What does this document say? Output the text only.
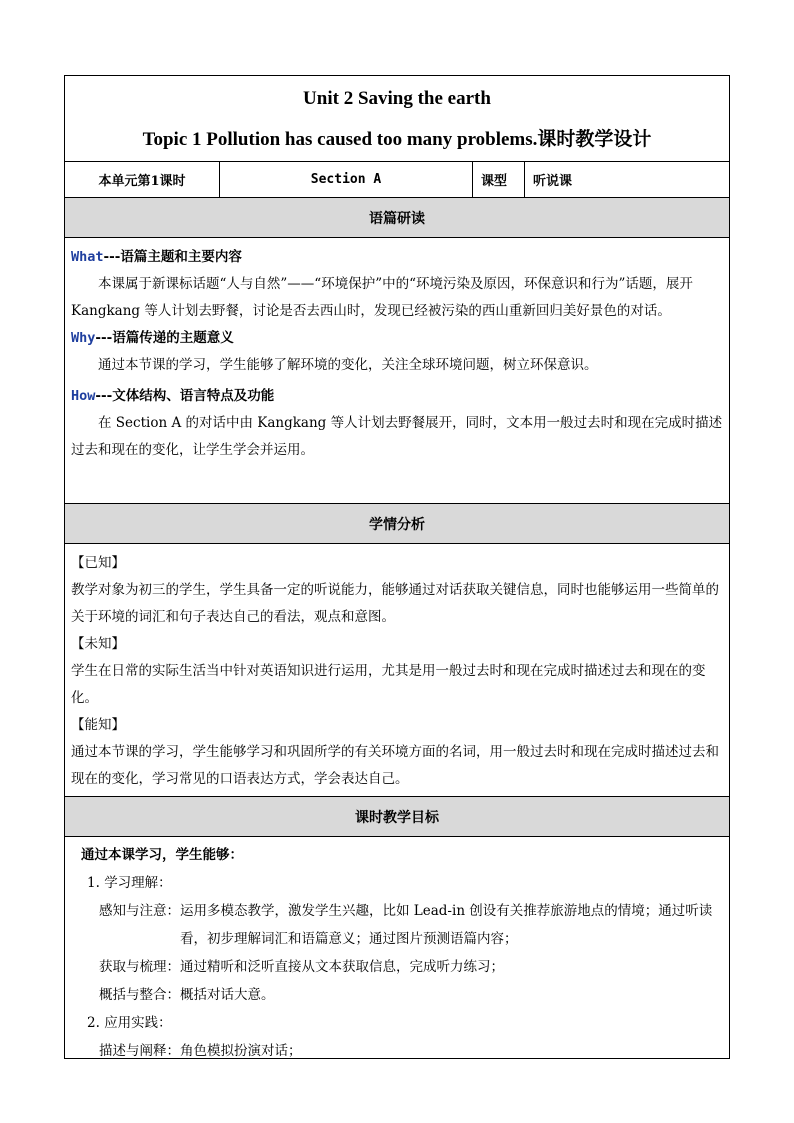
Unit 2 Saving the earth
Topic 1 Pollution has caused too many problems.课时教学设计
本单元第1课时	Section A	课型	听说课
语篇研读

What---语篇主题和主要内容

本课属于新课标话题“人与自然”——“环境保护”中的“环境污染及原因，环保意识和行为”话题，展开 Kangkang 等人计划去野餐，讨论是否去西山时，发现已经被污染的西山重新回归美好景色的对话。

Why---语篇传递的主题意义

通过本节课的学习，学生能够了解环境的变化，关注全球环境问题，树立环保意识。

How---文体结构、语言特点及功能

在 Section A 的对话中由 Kangkang 等人计划去野餐展开，同时，文本用一般过去时和现在完成时描述过去和现在的变化，让学生学会并运用。

学情分析

【已知】

教学对象为初三的学生，学生具备一定的听说能力，能够通过对话获取关键信息，同时也能够运用一些简单的关于环境的词汇和句子表达自己的看法，观点和意图。

【未知】

学生在日常的实际生活当中针对英语知识进行运用，尤其是用一般过去时和现在完成时描述过去和现在的变化。

【能知】

通过本节课的学习，学生能够学习和巩固所学的有关环境方面的名词，用一般过去时和现在完成时描述过去和现在的变化，学习常见的口语表达方式，学会表达自己。

课时教学目标

通过本课学习，学生能够：

1. 学习理解：

感知与注意： 运用多模态教学，激发学生兴趣，比如 Lead-in 创设有关推荐旅游地点的情境；通过听读看，初步理解词汇和语篇意义；通过图片预测语篇内容；
获取与梳理： 通过精听和泛听直接从文本获取信息，完成听力练习；
概括与整合： 概括对话大意。

2. 应用实践：

描述与阐释： 角色模拟扮演对话；
